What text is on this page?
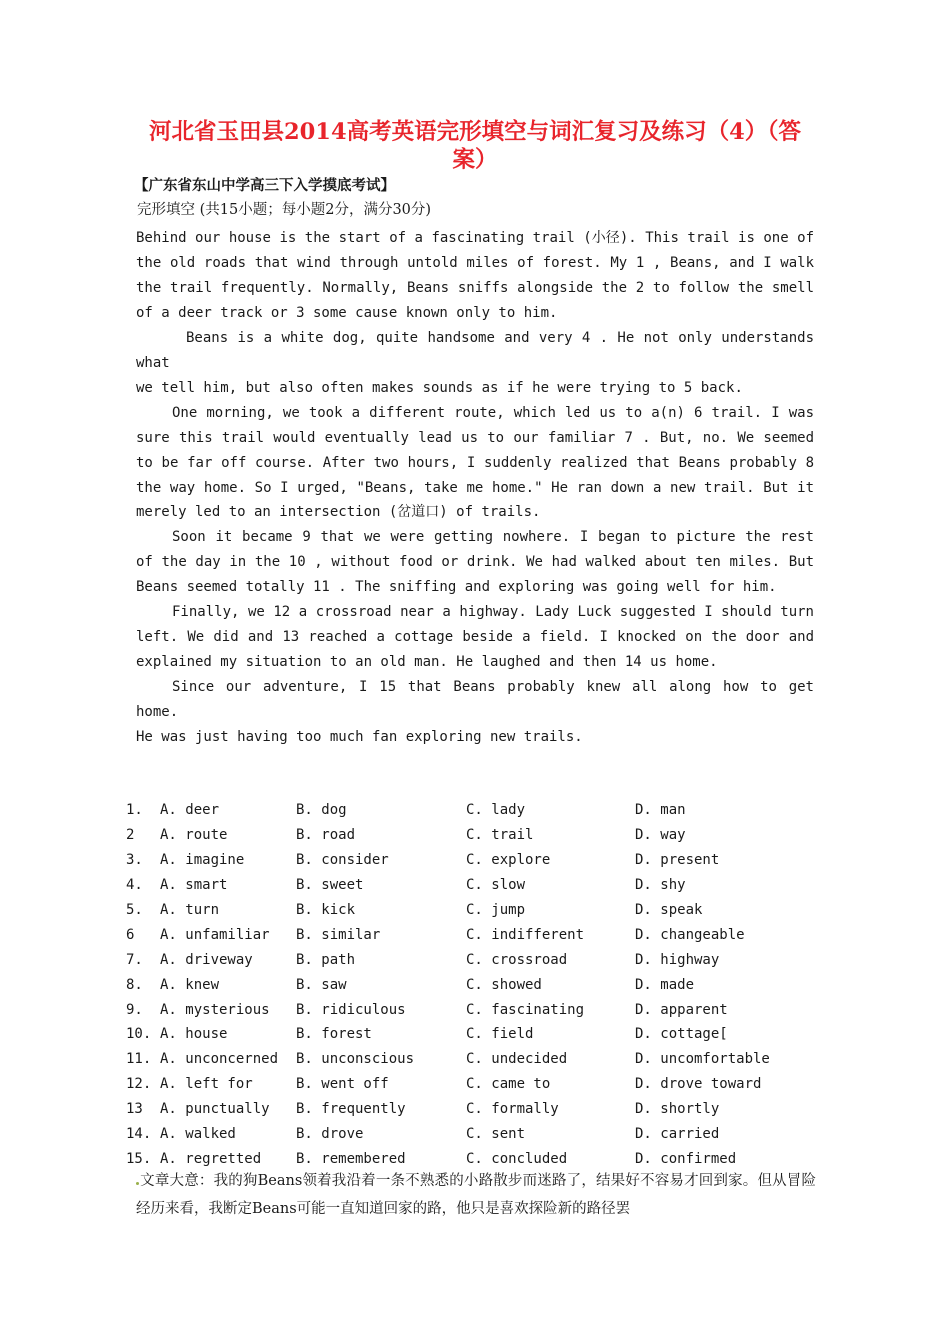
河北省玉田县2014高考英语完形填空与词汇复习及练习（4）（答案）
【广东省东山中学高三下入学摸底考试】
完形填空 (共15小题；每小题2分，满分30分)

Behind our house is the start of a fascinating trail (小径). This trail is one of the old roads that wind through untold miles of forest. My 1 , Beans, and I walk the trail frequently. Normally, Beans sniffs alongside the 2 to follow the smell of a deer track or 3 some cause known only to him.

Beans is a white dog, quite handsome and very 4 . He not only understands what

we tell him, but also often makes sounds as if he were trying to 5 back.

One morning, we took a different route, which led us to a(n) 6 trail. I was sure this trail would eventually lead us to our familiar 7 . But, no. We seemed to be far off course. After two hours, I suddenly realized that Beans probably 8 the way home. So I urged, "Beans, take me home." He ran down a new trail. But it merely led to an intersection (岔道口) of trails.

Soon it became 9 that we were getting nowhere. I began to picture the rest of the day in the 10 , without food or drink. We had walked about ten miles. But Beans seemed totally 11 . The sniffing and exploring was going well for him.

Finally, we 12 a crossroad near a highway. Lady Luck suggested I should turn left. We did and 13 reached a cottage beside a field. I knocked on the door and explained my situation to an old man. He laughed and then 14 us home.

Since our adventure, I 15 that Beans probably knew all along how to get home.

He was just having too much fan exploring new trails.

1. A. deer	B. dog	C. lady	D. man
2 A. route	B. road	C. trail	D. way
3. A. imagine	B. consider	C. explore	D. present
4. A. smart	B. sweet	C. slow	D. shy
5. A. turn	B. kick	C. jump	D. speak
6 A. unfamiliar B. similar	C. indifferent	D. changeable
7. A. driveway	B. path	C. crossroad	D. highway
8. A. knew	B. saw	C. showed	D. made
9. A. mysterious B. ridiculous	C. fascinating	D. apparent
10. A. house	B. forest	C. field	D. cottage[
11. A. unconcerned B. unconscious	C. undecided	D. uncomfortable
12. A. left for	B. went off	C. came to	D. drove toward
13 A. punctually B. frequently	C. formally	D. shortly
14. A. walked	B. drove	C. sent	D. carried
15. A. regretted B. remembered	C. concluded	D. confirmed

文章大意：我的狗Beans领着我沿着一条不熟悉的小路散步而迷路了，结果好不容易才回到家。但从冒险经历来看，我断定Beans可能一直知道回家的路，他只是喜欢探险新的路径罢
